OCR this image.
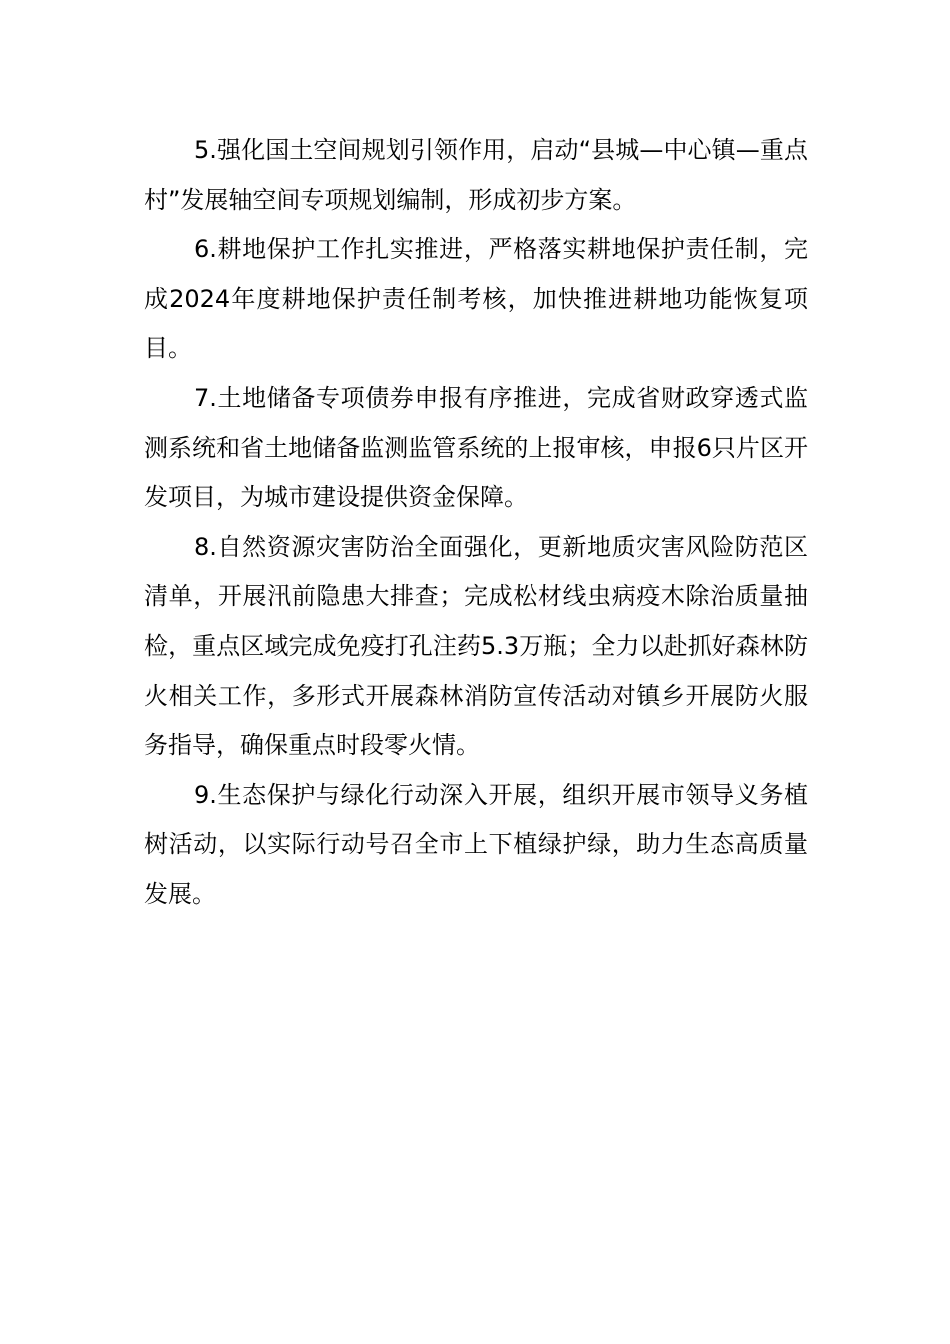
5.强化国土空间规划引领作用，启动“县城—中心镇—重点村”发展轴空间专项规划编制，形成初步方案。

6.耕地保护工作扎实推进，严格落实耕地保护责任制，完成2024年度耕地保护责任制考核，加快推进耕地功能恢复项目。

7.土地储备专项债券申报有序推进，完成省财政穿透式监测系统和省土地储备监测监管系统的上报审核，申报6只片区开发项目，为城市建设提供资金保障。

8.自然资源灾害防治全面强化，更新地质灾害风险防范区清单，开展汛前隐患大排查；完成松材线虫病疫木除治质量抽检，重点区域完成免疫打孔注药5.3万瓶；全力以赴抓好森林防火相关工作，多形式开展森林消防宣传活动对镇乡开展防火服务指导，确保重点时段零火情。

9.生态保护与绿化行动深入开展，组织开展市领导义务植树活动，以实际行动号召全市上下植绿护绿，助力生态高质量发展。
